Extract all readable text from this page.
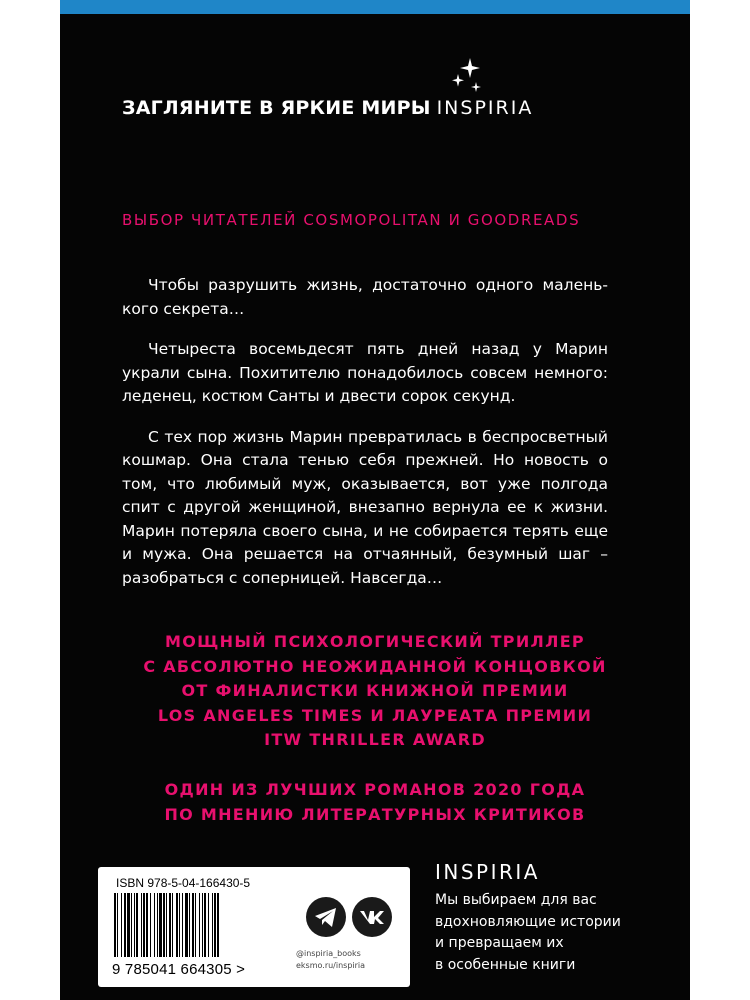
ЗАГЛЯНИТЕ В ЯРКИЕ МИРЫ INSPIRIA
ВЫБОР ЧИТАТЕЛЕЙ COSMOPOLITAN И GOODREADS

Чтобы разрушить жизнь, достаточно одного малень-кого секрета…

Четыреста восемьдесят пять дней назад у Марин украли сына. Похитителю понадобилось совсем немного: леденец, костюм Санты и двести сорок секунд.

С тех пор жизнь Марин превратилась в беспросветный кошмар. Она стала тенью себя прежней. Но новость о том, что любимый муж, оказывается, вот уже полгода спит с другой женщиной, внезапно вернула ее к жизни. Марин потеряла своего сына, и не собирается терять еще и мужа. Она решается на отчаянный, безумный шаг – разобраться с соперницей. Навсегда…

МОЩНЫЙ ПСИХОЛОГИЧЕСКИЙ ТРИЛЛЕР
С АБСОЛЮТНО НЕОЖИДАННОЙ КОНЦОВКОЙ
ОТ ФИНАЛИСТКИ КНИЖНОЙ ПРЕМИИ
LOS ANGELES TIMES И ЛАУРЕАТА ПРЕМИИ
ITW THRILLER AWARD
ОДИН ИЗ ЛУЧШИХ РОМАНОВ 2020 ГОДА
ПО МНЕНИЮ ЛИТЕРАТУРНЫХ КРИТИКОВ
ISBN 978-5-04-166430-5
9 785041 664305 >
@inspiria_books
eksmo.ru/inspiria
INSPIRIA
Мы выбираем для вас
вдохновляющие истории
и превращаем их
в особенные книги
